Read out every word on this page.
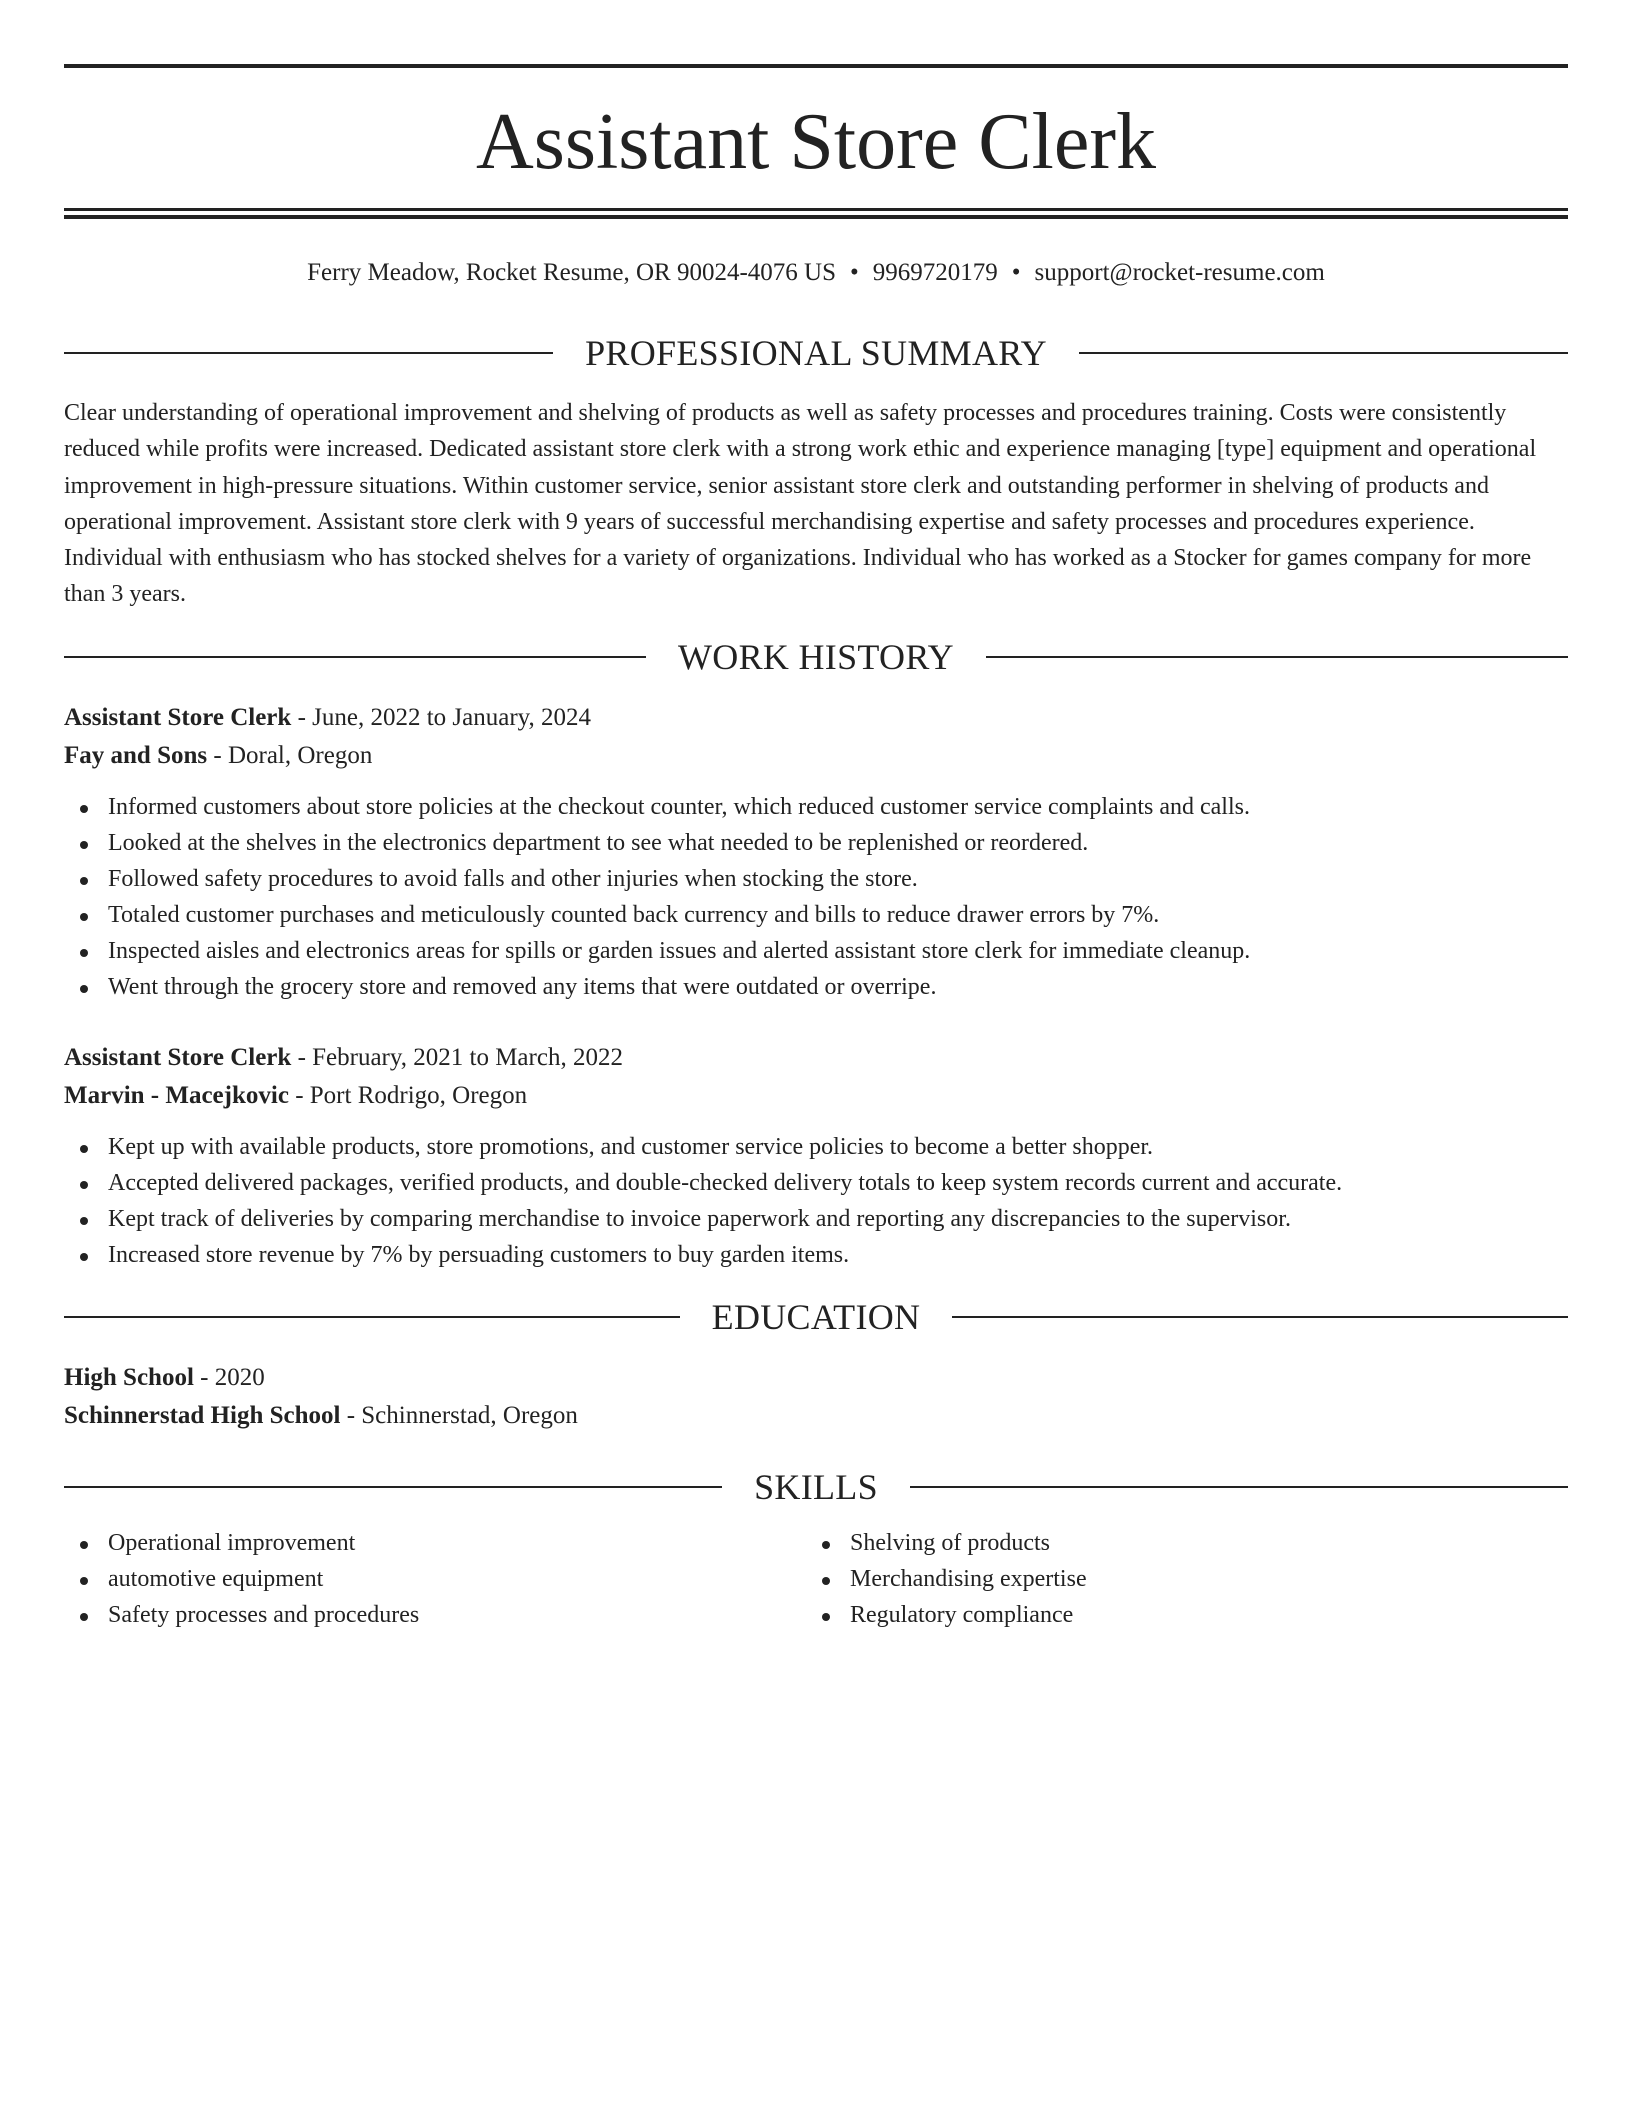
Assistant Store Clerk
Ferry Meadow, Rocket Resume, OR 90024-4076 US • 9969720179 • support@rocket-resume.com
PROFESSIONAL SUMMARY
Clear understanding of operational improvement and shelving of products as well as safety processes and procedures training. Costs were consistently reduced while profits were increased. Dedicated assistant store clerk with a strong work ethic and experience managing [type] equipment and operational improvement in high-pressure situations. Within customer service, senior assistant store clerk and outstanding performer in shelving of products and operational improvement. Assistant store clerk with 9 years of successful merchandising expertise and safety processes and procedures experience. Individual with enthusiasm who has stocked shelves for a variety of organizations. Individual who has worked as a Stocker for games company for more than 3 years.
WORK HISTORY
Assistant Store Clerk - June, 2022 to January, 2024
Fay and Sons - Doral, Oregon
Informed customers about store policies at the checkout counter, which reduced customer service complaints and calls.
Looked at the shelves in the electronics department to see what needed to be replenished or reordered.
Followed safety procedures to avoid falls and other injuries when stocking the store.
Totaled customer purchases and meticulously counted back currency and bills to reduce drawer errors by 7%.
Inspected aisles and electronics areas for spills or garden issues and alerted assistant store clerk for immediate cleanup.
Went through the grocery store and removed any items that were outdated or overripe.
Assistant Store Clerk - February, 2021 to March, 2022
Marvin - Macejkovic - Port Rodrigo, Oregon
Kept up with available products, store promotions, and customer service policies to become a better shopper.
Accepted delivered packages, verified products, and double-checked delivery totals to keep system records current and accurate.
Kept track of deliveries by comparing merchandise to invoice paperwork and reporting any discrepancies to the supervisor.
Increased store revenue by 7% by persuading customers to buy garden items.
EDUCATION
High School - 2020
Schinnerstad High School - Schinnerstad, Oregon
SKILLS
Operational improvement
automotive equipment
Safety processes and procedures
Shelving of products
Merchandising expertise
Regulatory compliance
